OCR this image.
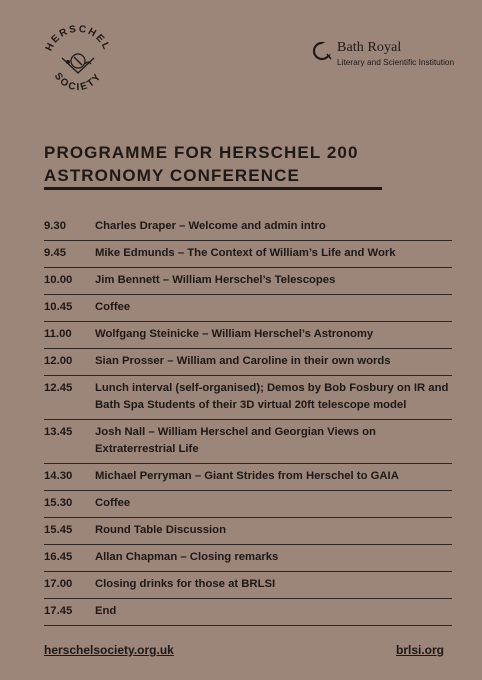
HERSCHEL
SOCIETY
Bath Royal
Literary and Scientific Institution
PROGRAMME FOR HERSCHEL 200
ASTRONOMY CONFERENCE
9.30	Charles Draper – Welcome and admin intro
9.45	Mike Edmunds – The Context of William’s Life and Work
10.00	Jim Bennett – William Herschel’s Telescopes
10.45	Coffee
11.00	Wolfgang Steinicke – William Herschel’s Astronomy
12.00	Sian Prosser – William and Caroline in their own words
12.45	Lunch interval (self-organised); Demos by Bob Fosbury on IR and Bath Spa Students of their 3D virtual 20ft telescope model
13.45	Josh Nall – William Herschel and Georgian Views on Extraterrestrial Life
14.30	Michael Perryman – Giant Strides from Herschel to GAIA
15.30	Coffee
15.45	Round Table Discussion
16.45	Allan Chapman – Closing remarks
17.00	Closing drinks for those at BRLSI
17.45	End
herschelsociety.org.uk	brlsi.org
